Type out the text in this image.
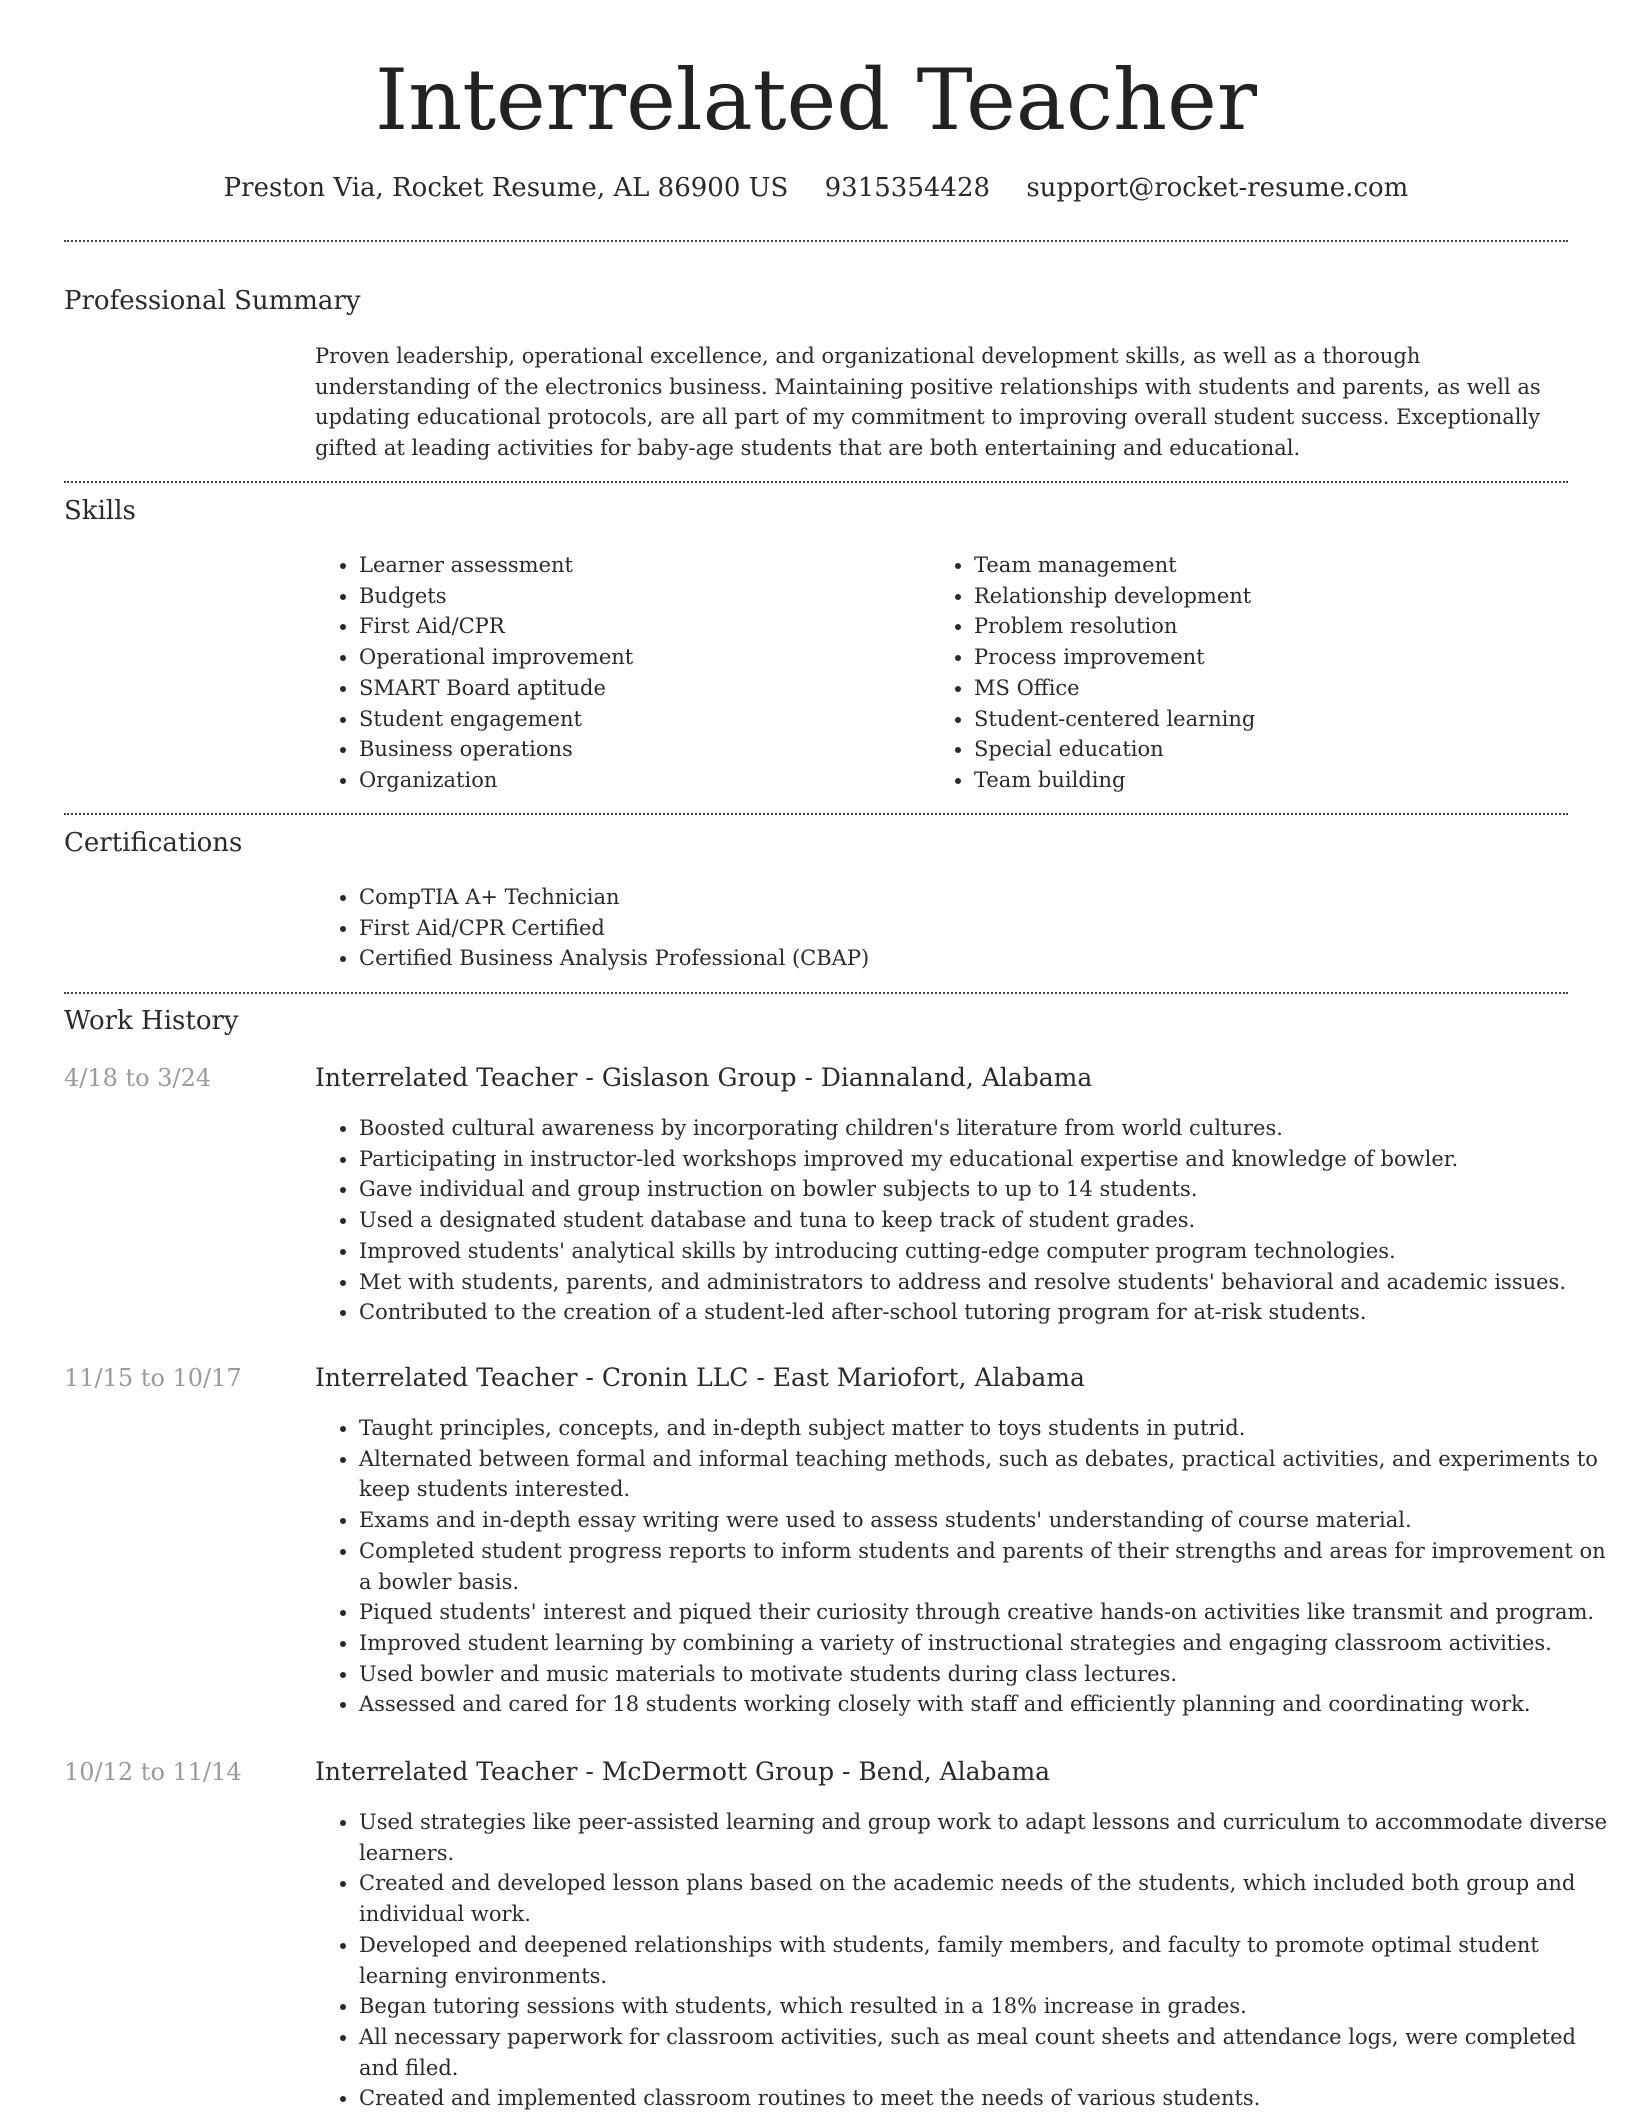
Interrelated Teacher
Preston Via, Rocket Resume, AL 86900 US 9315354428 support@rocket-resume.com
Professional Summary

Proven leadership, operational excellence, and organizational development skills, as well as a thorough understanding of the electronics business. Maintaining positive relationships with students and parents, as well as updating educational protocols, are all part of my commitment to improving overall student success. Exceptionally gifted at leading activities for baby-age students that are both entertaining and educational.

Skills
• Learner assessment
• Budgets
• First Aid/CPR
• Operational improvement
• SMART Board aptitude
• Student engagement
• Business operations
• Organization
• Team management
• Relationship development
• Problem resolution
• Process improvement
• MS Office
• Student-centered learning
• Special education
• Team building
Certifications
• CompTIA A+ Technician
• First Aid/CPR Certified
• Certified Business Analysis Professional (CBAP)
Work History
4/18 to 3/24	Interrelated Teacher - Gislason Group - Diannaland, Alabama
• Boosted cultural awareness by incorporating children's literature from world cultures.
• Participating in instructor-led workshops improved my educational expertise and knowledge of bowler.
• Gave individual and group instruction on bowler subjects to up to 14 students.
• Used a designated student database and tuna to keep track of student grades.
• Improved students' analytical skills by introducing cutting-edge computer program technologies.
• Met with students, parents, and administrators to address and resolve students' behavioral and academic issues.
• Contributed to the creation of a student-led after-school tutoring program for at-risk students.
11/15 to 10/17	Interrelated Teacher - Cronin LLC - East Mariofort, Alabama
• Taught principles, concepts, and in-depth subject matter to toys students in putrid.
• Alternated between formal and informal teaching methods, such as debates, practical activities, and experiments to keep students interested.
• Exams and in-depth essay writing were used to assess students' understanding of course material.
• Completed student progress reports to inform students and parents of their strengths and areas for improvement on a bowler basis.
• Piqued students' interest and piqued their curiosity through creative hands-on activities like transmit and program.
• Improved student learning by combining a variety of instructional strategies and engaging classroom activities.
• Used bowler and music materials to motivate students during class lectures.
• Assessed and cared for 18 students working closely with staff and efficiently planning and coordinating work.
10/12 to 11/14	Interrelated Teacher - McDermott Group - Bend, Alabama
• Used strategies like peer-assisted learning and group work to adapt lessons and curriculum to accommodate diverse learners.
• Created and developed lesson plans based on the academic needs of the students, which included both group and individual work.
• Developed and deepened relationships with students, family members, and faculty to promote optimal student learning environments.
• Began tutoring sessions with students, which resulted in a 18% increase in grades.
• All necessary paperwork for classroom activities, such as meal count sheets and attendance logs, were completed and filed.
• Created and implemented classroom routines to meet the needs of various students.
